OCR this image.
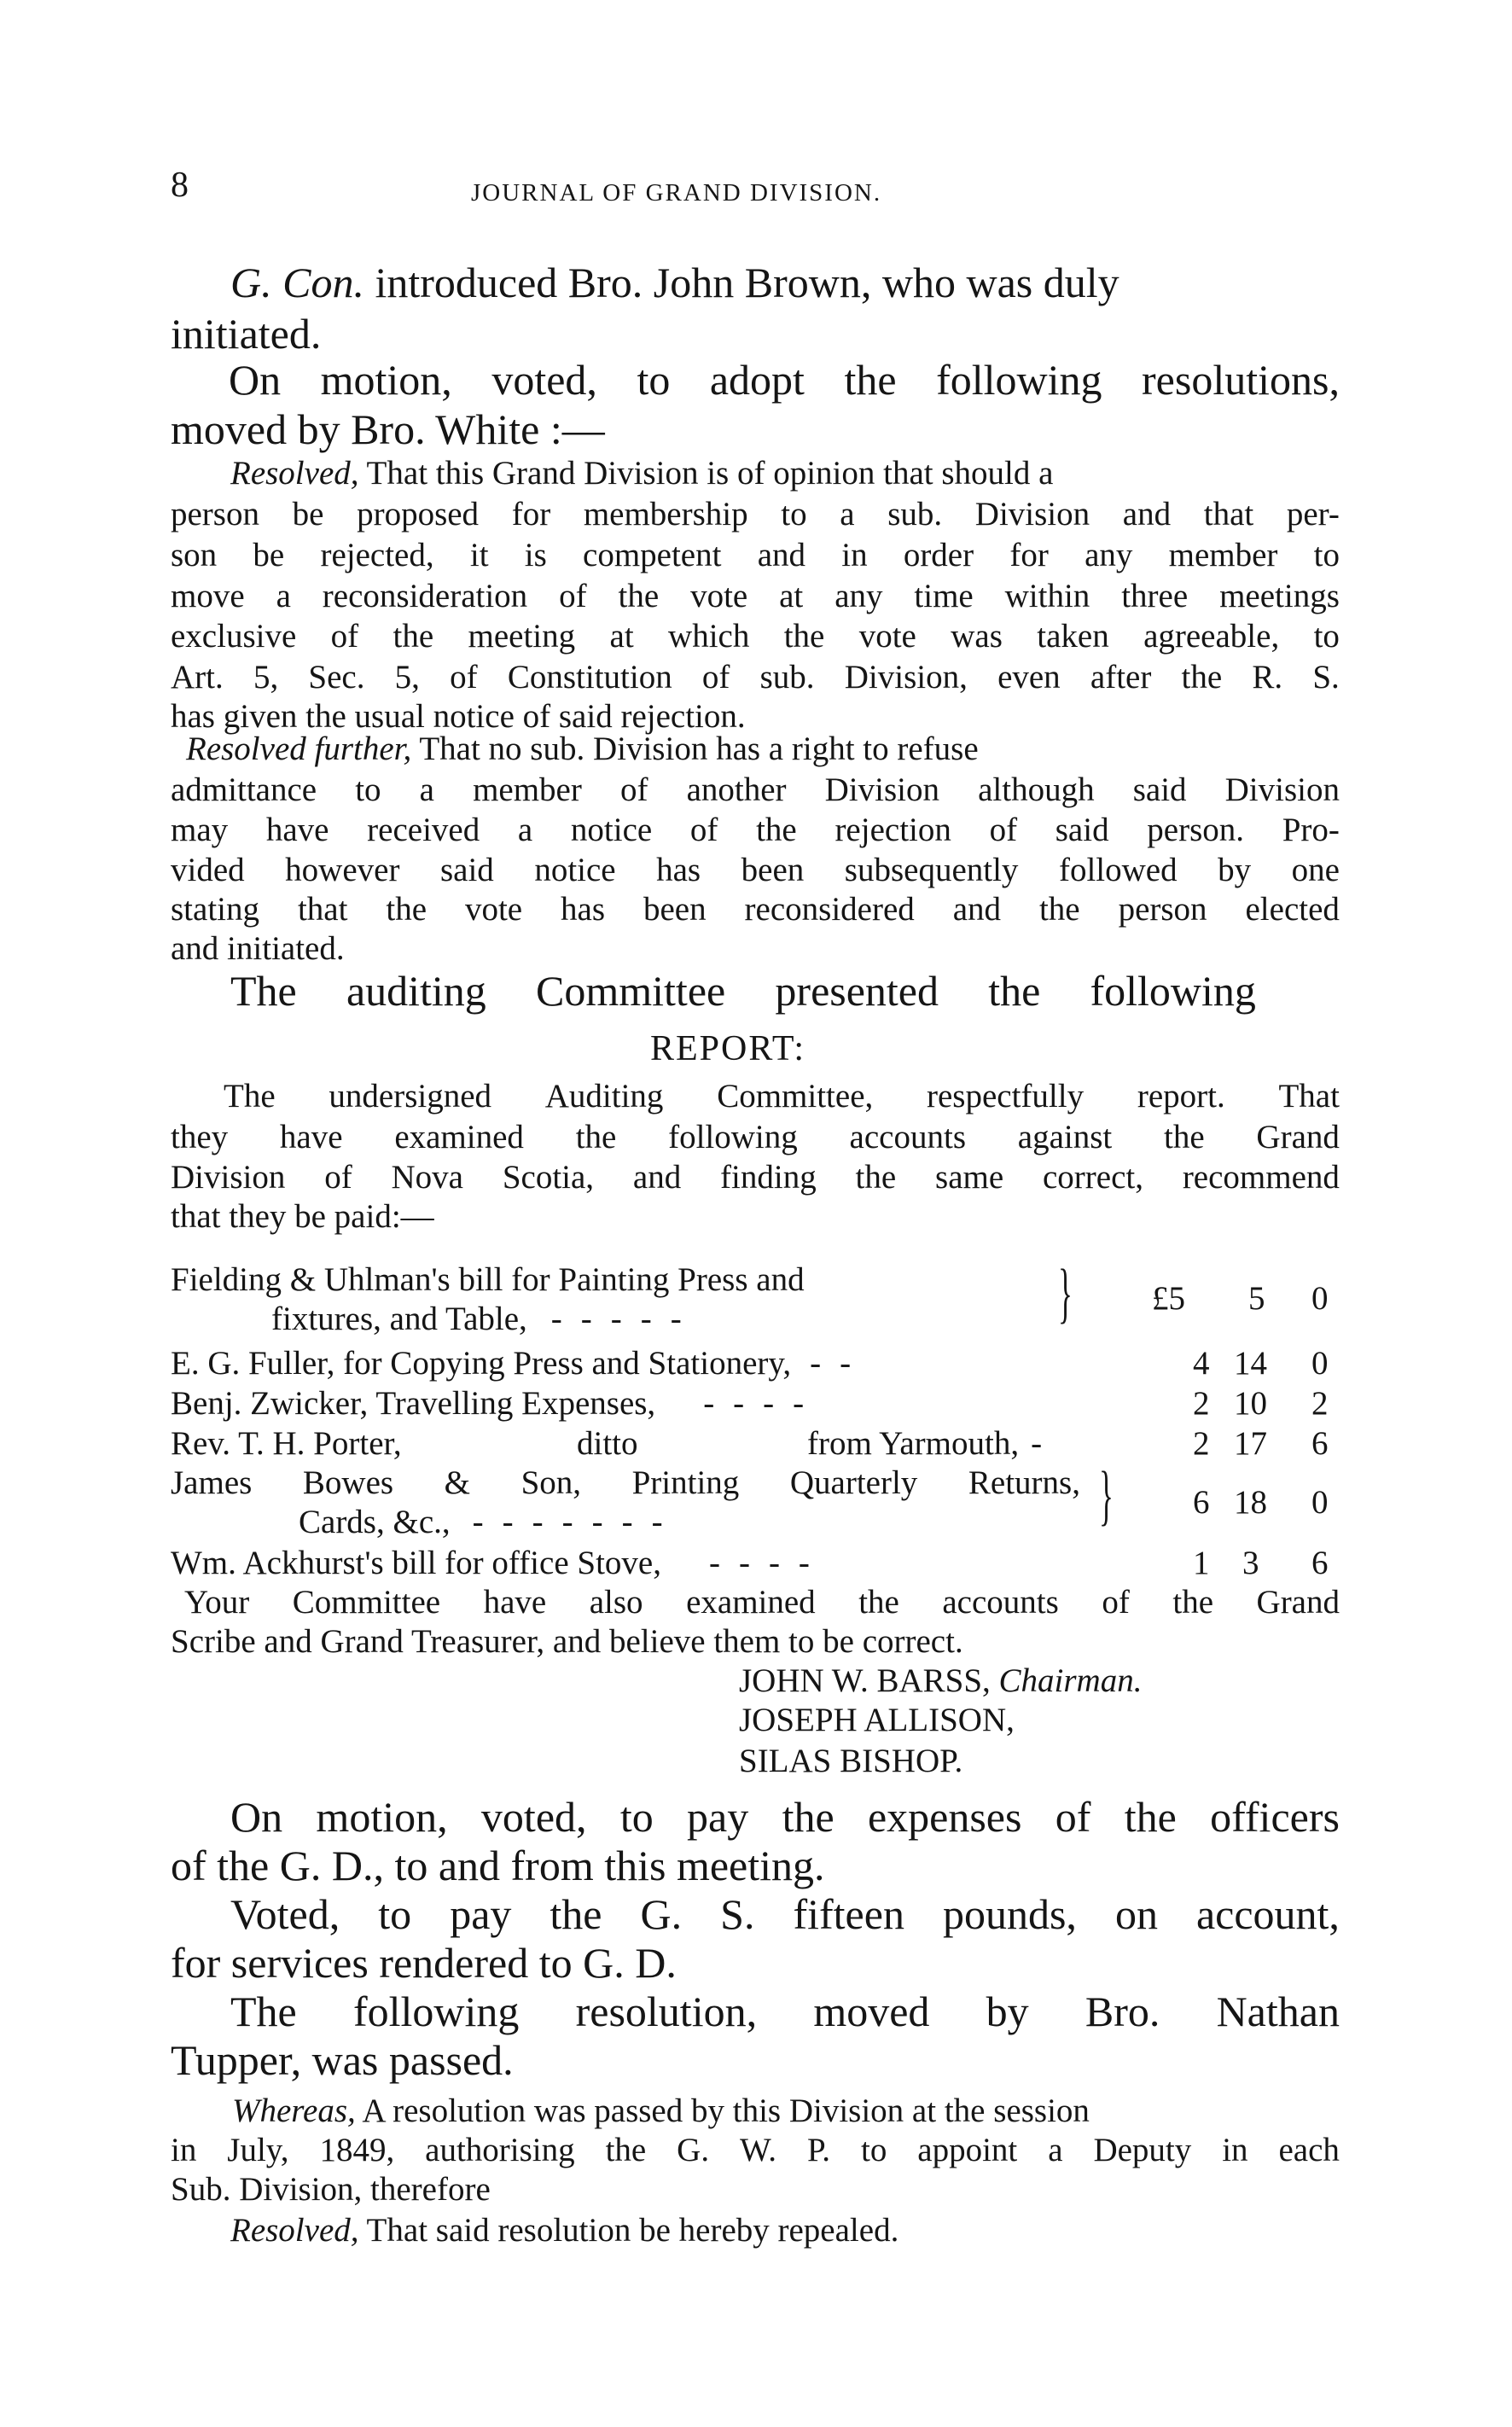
8	JOURNAL OF GRAND DIVISION.
G. Con. introduced Bro. John Brown, who was duly
initiated.
On motion, voted, to adopt the following resolutions,
moved by Bro. White :—
Resolved, That this Grand Division is of opinion that should a
person be proposed for membership to a sub. Division and that per-
son be rejected, it is competent and in order for any member to
move a reconsideration of the vote at any time within three meetings
exclusive of the meeting at which the vote was taken agreeable, to
Art. 5, Sec. 5, of Constitution of sub. Division, even after the R. S.
has given the usual notice of said rejection.
Resolved further, That no sub. Division has a right to refuse
admittance to a member of another Division although said Division
may have received a notice of the rejection of said person. Pro-
vided however said notice has been subsequently followed by one
stating that the vote has been reconsidered and the person elected
and initiated.
The auditing Committee presented the following
REPORT:
The undersigned Auditing Committee, respectfully report. That
they have examined the following accounts against the Grand
Division of Nova Scotia, and finding the same correct, recommend
that they be paid:—
Fielding & Uhlman's bill for Painting Press and
fixtures, and Table, -----	} £5 5 0
E. G. Fuller, for Copying Press and Stationery, --	4 14 0
Benj. Zwicker, Travelling Expenses, ----	2 10 2
Rev. T. H. Porter,	ditto	from Yarmouth, -	2 17 6
James Bowes & Son, Printing Quarterly Returns,
Cards, &c., -------	} 6 18 0
Wm. Ackhurst's bill for office Stove, ----	1 3 6
Your Committee have also examined the accounts of the Grand
Scribe and Grand Treasurer, and believe them to be correct.
JOHN W. BARSS, Chairman.
JOSEPH ALLISON,
SILAS BISHOP.
On motion, voted, to pay the expenses of the officers
of the G. D., to and from this meeting.
Voted, to pay the G. S. fifteen pounds, on account,
for services rendered to G. D.
The following resolution, moved by Bro. Nathan
Tupper, was passed.
Whereas, A resolution was passed by this Division at the session
in July, 1849, authorising the G. W. P. to appoint a Deputy in each
Sub. Division, therefore
Resolved, That said resolution be hereby repealed.
